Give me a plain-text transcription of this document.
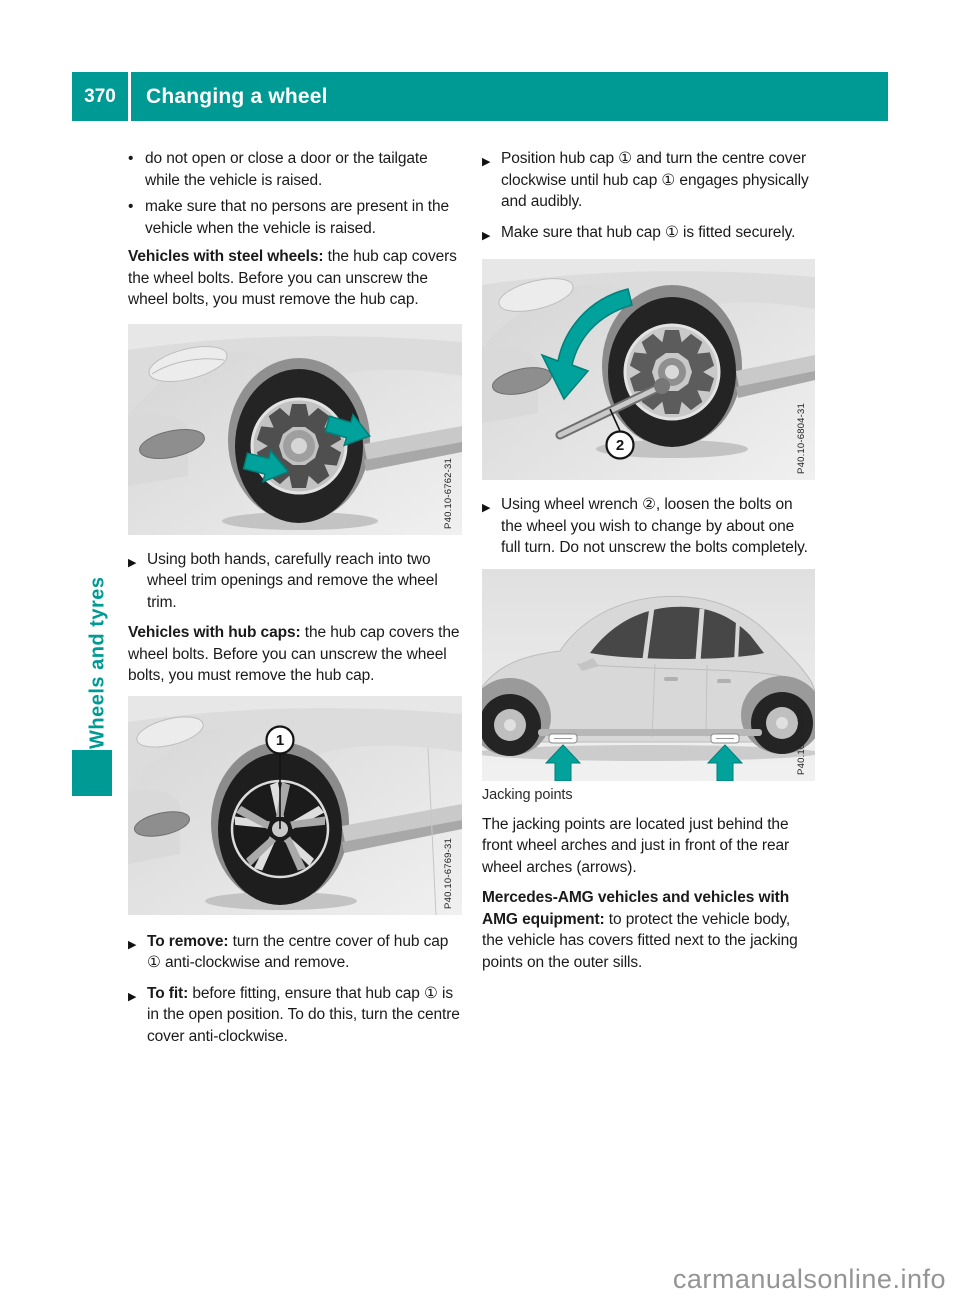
370	Changing a wheel
Wheels and tyres
• do not open or close a door or the tailgate while the vehicle is raised.
• make sure that no persons are present in the vehicle when the vehicle is raised.

Vehicles with steel wheels: the hub cap covers the wheel bolts. Before you can unscrew the wheel bolts, you must remove the hub cap.

P40.10-6762-31
▶ Using both hands, carefully reach into two wheel trim openings and remove the wheel trim.

Vehicles with hub caps: the hub cap covers the wheel bolts. Before you can unscrew the wheel bolts, you must remove the hub cap.

1
P40.10-6769-31
▶ To remove: turn the centre cover of hub cap ① anti-clockwise and remove.
▶ To fit: before fitting, ensure that hub cap ① is in the open position. To do this, turn the centre cover anti-clockwise.
▶ Position hub cap ① and turn the centre cover clockwise until hub cap ① engages physically and audibly.
▶ Make sure that hub cap ① is fitted securely.
2	P40.10-6804-31
▶ Using wheel wrench ②, loosen the bolts on the wheel you wish to change by about one full turn. Do not unscrew the bolts completely.
P40.10-6764-31
Jacking points

The jacking points are located just behind the front wheel arches and just in front of the rear wheel arches (arrows).

Mercedes-AMG vehicles and vehicles with AMG equipment: to protect the vehicle body, the vehicle has covers fitted next to the jacking points on the outer sills.

carmanualsonline.info
